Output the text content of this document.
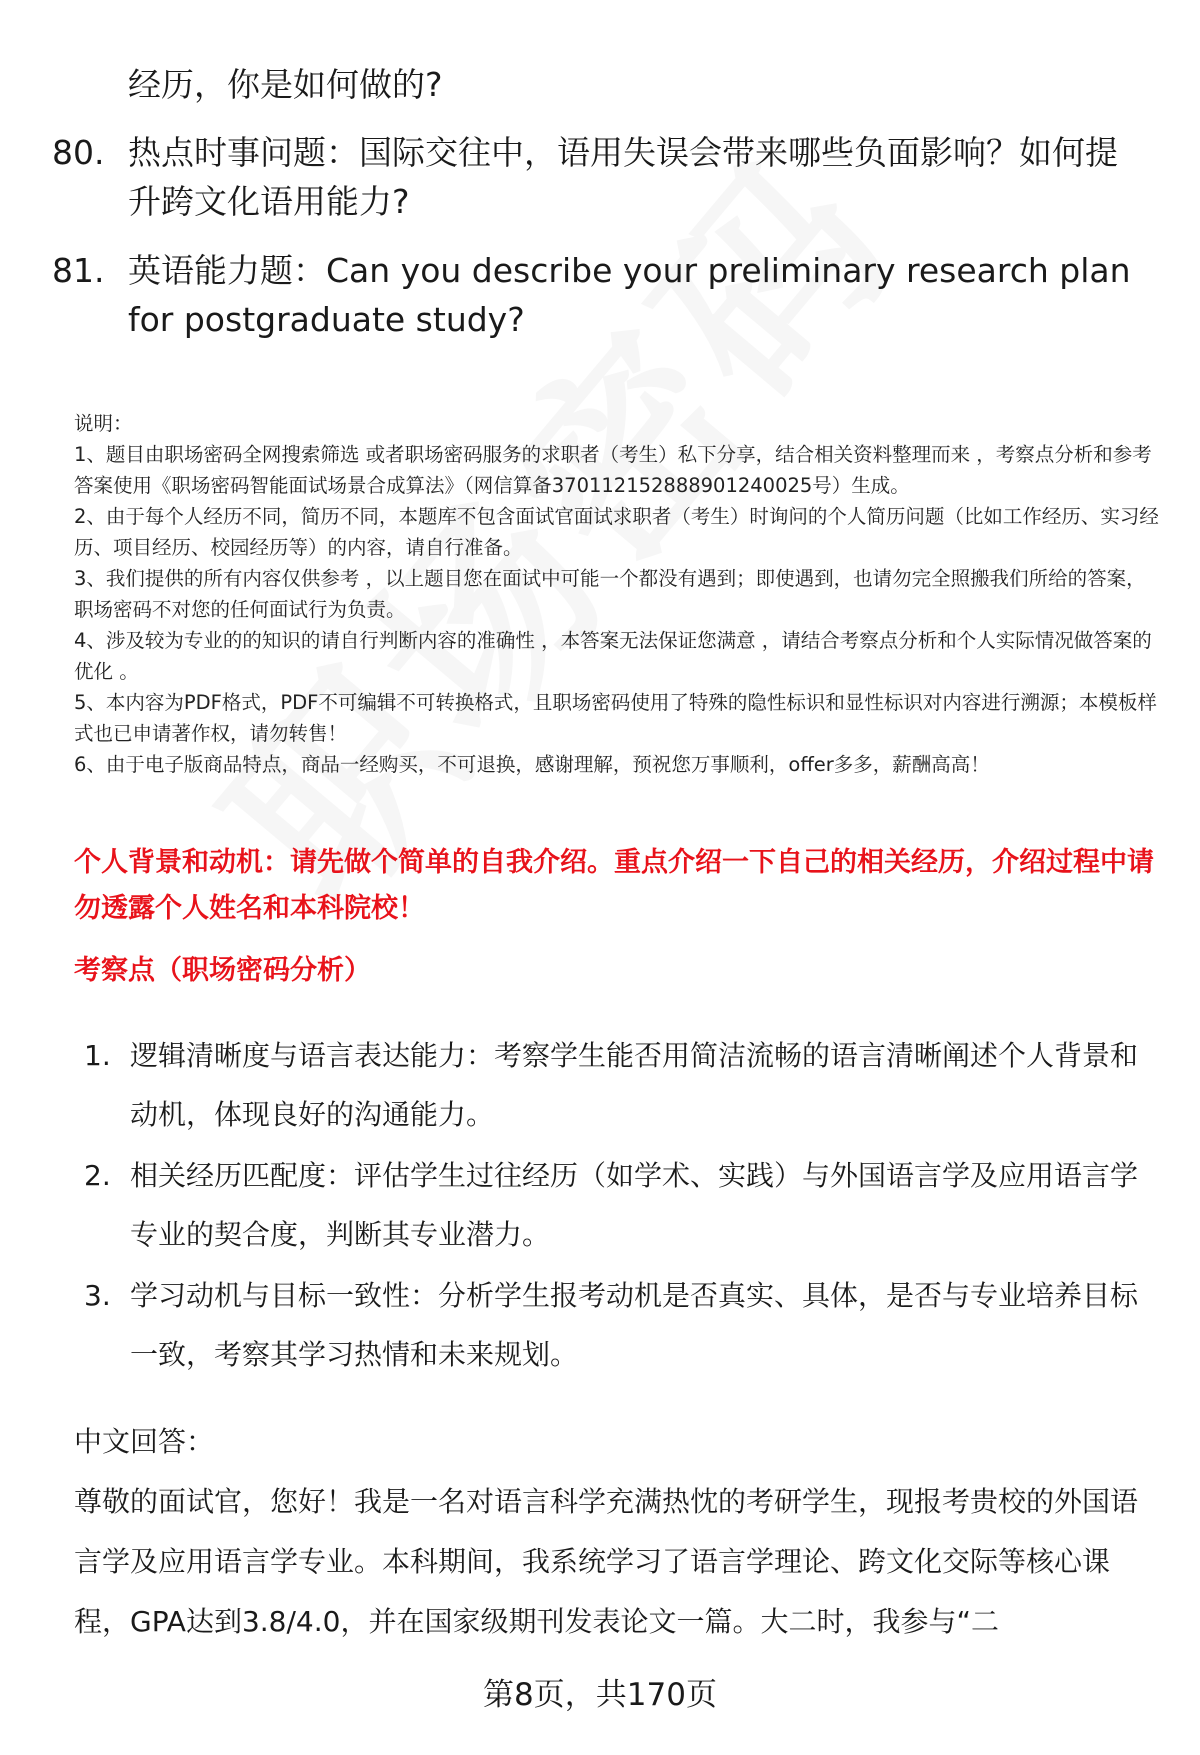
经历，你是如何做的?
80. 热点时事问题：国际交往中，语用失误会带来哪些负面影响？如何提升跨文化语用能力?
81. 英语能力题：Can you describe your preliminary research plan for postgraduate study?

说明：

1、题目由职场密码全网搜索筛选 或者职场密码服务的求职者（考生）私下分享，结合相关资料整理而来 ，考察点分析和参考答案使用《职场密码智能面试场景合成算法》（网信算备370112152888901240025号）生成。

2、由于每个人经历不同，简历不同，本题库不包含面试官面试求职者（考生）时询问的个人简历问题（比如工作经历、实习经历、项目经历、校园经历等）的内容，请自行准备。

3、我们提供的所有内容仅供参考 ，以上题目您在面试中可能一个都没有遇到；即使遇到，也请勿完全照搬我们所给的答案，职场密码不对您的任何面试行为负责。

4、涉及较为专业的的知识的请自行判断内容的准确性 ，本答案无法保证您满意 ，请结合考察点分析和个人实际情况做答案的优化 。

5、本内容为PDF格式，PDF不可编辑不可转换格式，且职场密码使用了特殊的隐性标识和显性标识对内容进行溯源；本模板样式也已申请著作权，请勿转售！

6、由于电子版商品特点，商品一经购买，不可退换，感谢理解，预祝您万事顺利，offer多多，薪酬高高！

个人背景和动机：请先做个简单的自我介绍。重点介绍一下自己的相关经历，介绍过程中请勿透露个人姓名和本科院校！
考察点（职场密码分析）
1. 逻辑清晰度与语言表达能力：考察学生能否用简洁流畅的语言清晰阐述个人背景和动机，体现良好的沟通能力。
2. 相关经历匹配度：评估学生过往经历（如学术、实践）与外国语言学及应用语言学专业的契合度，判断其专业潜力。
3. 学习动机与目标一致性：分析学生报考动机是否真实、具体，是否与专业培养目标一致，考察其学习热情和未来规划。
中文回答：

尊敬的面试官，您好！我是一名对语言科学充满热忱的考研学生，现报考贵校的外国语言学及应用语言学专业。本科期间，我系统学习了语言学理论、跨文化交际等核心课程，GPA达到3.8/4.0，并在国家级期刊发表论文一篇。大二时，我参与“二

第8页，共170页
